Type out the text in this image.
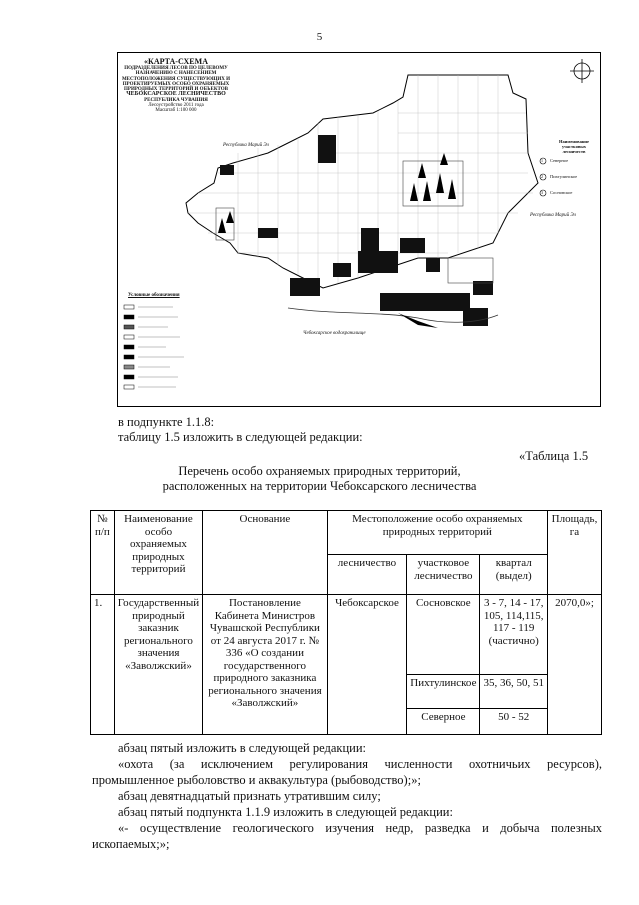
5
«КАРТА-СХЕМА
ПОДРАЗДЕЛЕНИЯ ЛЕСОВ ПО ЦЕЛЕВОМУ
НАЗНАЧЕНИЮ С НАНЕСЕНИЕМ
МЕСТОПОЛОЖЕНИЯ СУЩЕСТВУЮЩИХ И
ПРОЕКТИРУЕМЫХ ОСОБО ОХРАНЯЕМЫХ
ПРИРОДНЫХ ТЕРРИТОРИЙ И ОБЪЕКТОВ
ЧЕБОКСАРСКОЕ ЛЕСНИЧЕСТВО
РЕСПУБЛИКА ЧУВАШИЯ
Лесоустройство 2011 года
Масштаб 1:100 000
Республика Марий Эл
Республика Марий Эл
Чебоксарское водохранилище
Условные обозначения
Наименование участковых лесничеств
Северное
Пихтулинское
Сосновское
1
2
3
в подпункте 1.1.8:
таблицу 1.5 изложить в следующей редакции:
«Таблица 1.5
Перечень особо охраняемых природных территорий,
расположенных на территории Чебоксарского лесничества
№ п/п	Наименование особо охраняемых природных территорий	Основание	Местоположение особо охраняемых природных территорий			Площадь, га
			лесничество	участковое лесничество	квартал (выдел)	
1.	Государственный природный заказник регионального значения «Заволжский»	Постановление Кабинета Министров Чувашской Республики от 24 августа 2017 г. № 336 «О создании государственного природного заказника регионального значения «Заволжский»	Чебоксарское	Сосновское	3 - 7, 14 - 17, 105, 114,115, 117 - 119 (частично)	2070,0»;
				Пихтулинское	35, 36, 50, 51	
				Северное	50 - 52	
абзац пятый изложить в следующей редакции:
«охота (за исключением регулирования численности охотничьих ресурсов),
промышленное рыболовство и аквакультура (рыбоводство);»;
абзац девятнадцатый признать утратившим силу;
абзац пятый подпункта 1.1.9 изложить в следующей редакции:
«- осуществление геологического изучения недр, разведка и добыча полезных
ископаемых;»;
